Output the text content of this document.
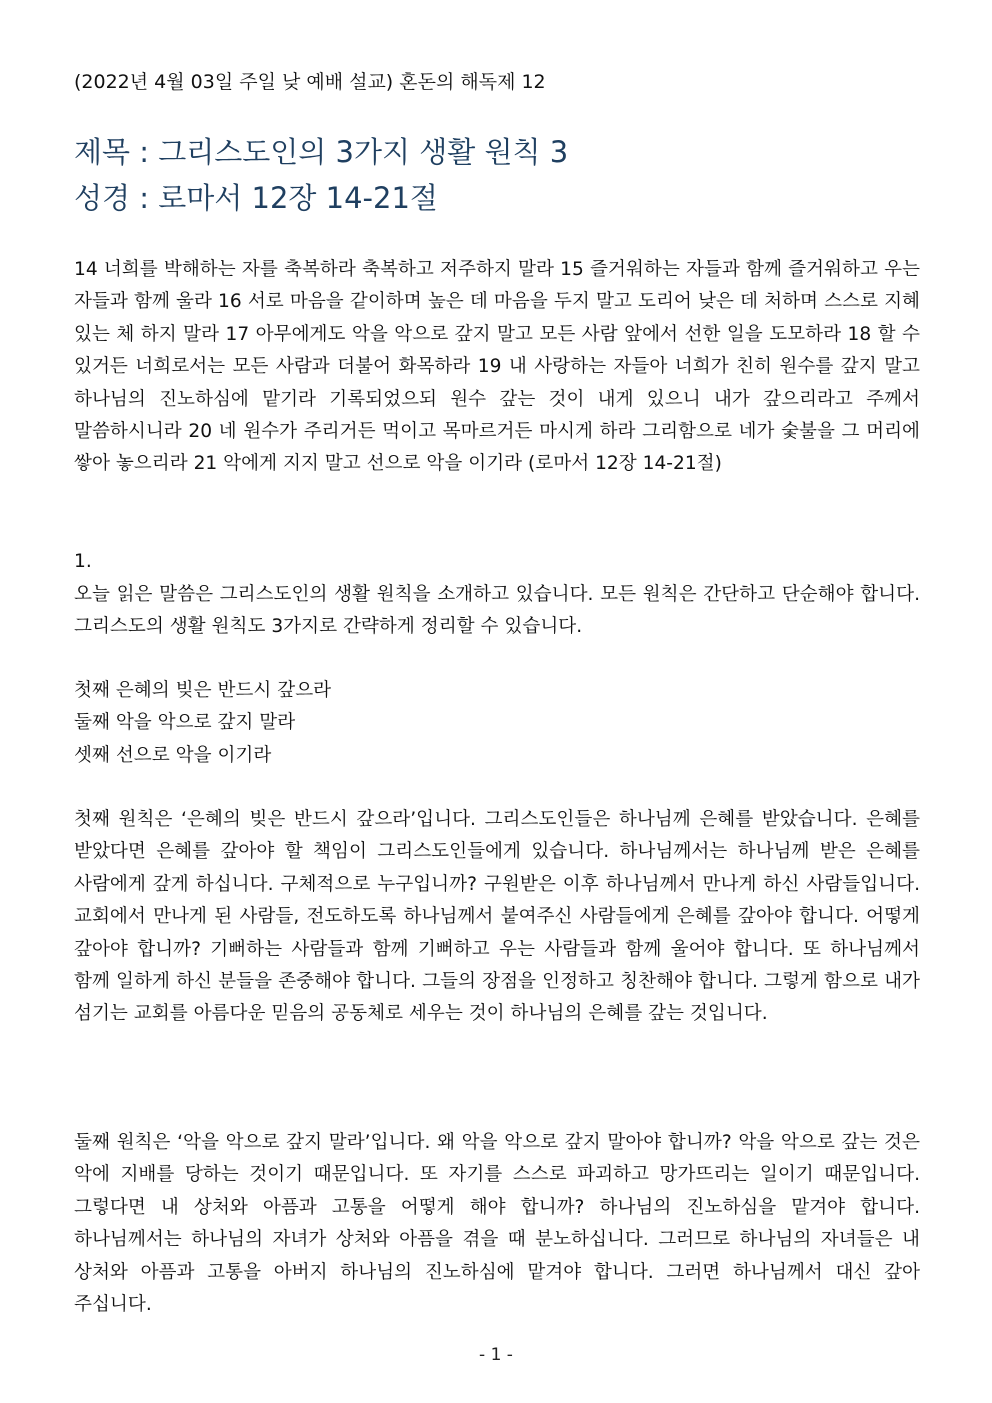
(2022년 4월 03일 주일 낮 예배 설교) 혼돈의 해독제 12

제목 : 그리스도인의 3가지 생활 원칙 3
성경 : 로마서 12장 14-21절
14 너희를 박해하는 자를 축복하라 축복하고 저주하지 말라 15 즐거워하는 자들과 함께 즐거워하고 우는 자들과 함께 울라 16 서로 마음을 같이하며 높은 데 마음을 두지 말고 도리어 낮은 데 처하며 스스로 지혜 있는 체 하지 말라 17 아무에게도 악을 악으로 갚지 말고 모든 사람 앞에서 선한 일을 도모하라 18 할 수 있거든 너희로서는 모든 사람과 더불어 화목하라 19 내 사랑하는 자들아 너희가 친히 원수를 갚지 말고 하나님의 진노하심에 맡기라 기록되었으되 원수 갚는 것이 내게 있으니 내가 갚으리라고 주께서 말씀하시니라 20 네 원수가 주리거든 먹이고 목마르거든 마시게 하라 그리함으로 네가 숯불을 그 머리에 쌓아 놓으리라 21 악에게 지지 말고 선으로 악을 이기라 (로마서 12장 14-21절)
1.
오늘 읽은 말씀은 그리스도인의 생활 원칙을 소개하고 있습니다. 모든 원칙은 간단하고 단순해야 합니다. 그리스도의 생활 원칙도 3가지로 간략하게 정리할 수 있습니다.
첫째 은혜의 빚은 반드시 갚으라
둘째 악을 악으로 갚지 말라
셋째 선으로 악을 이기라
첫째 원칙은 ‘은혜의 빚은 반드시 갚으라’입니다. 그리스도인들은 하나님께 은혜를 받았습니다. 은혜를 받았다면 은혜를 갚아야 할 책임이 그리스도인들에게 있습니다. 하나님께서는 하나님께 받은 은혜를 사람에게 갚게 하십니다. 구체적으로 누구입니까? 구원받은 이후 하나님께서 만나게 하신 사람들입니다. 교회에서 만나게 된 사람들, 전도하도록 하나님께서 붙여주신 사람들에게 은혜를 갚아야 합니다. 어떻게 갚아야 합니까? 기뻐하는 사람들과 함께 기뻐하고 우는 사람들과 함께 울어야 합니다. 또 하나님께서 함께 일하게 하신 분들을 존중해야 합니다. 그들의 장점을 인정하고 칭찬해야 합니다. 그렇게 함으로 내가 섬기는 교회를 아름다운 믿음의 공동체로 세우는 것이 하나님의 은혜를 갚는 것입니다.
둘째 원칙은 ‘악을 악으로 갚지 말라’입니다. 왜 악을 악으로 갚지 말아야 합니까? 악을 악으로 갚는 것은 악에 지배를 당하는 것이기 때문입니다. 또 자기를 스스로 파괴하고 망가뜨리는 일이기 때문입니다. 그렇다면 내 상처와 아픔과 고통을 어떻게 해야 합니까? 하나님의 진노하심을 맡겨야 합니다. 하나님께서는 하나님의 자녀가 상처와 아픔을 겪을 때 분노하십니다. 그러므로 하나님의 자녀들은 내 상처와 아픔과 고통을 아버지 하나님의 진노하심에 맡겨야 합니다. 그러면 하나님께서 대신 갚아 주십니다.
- 1 -
